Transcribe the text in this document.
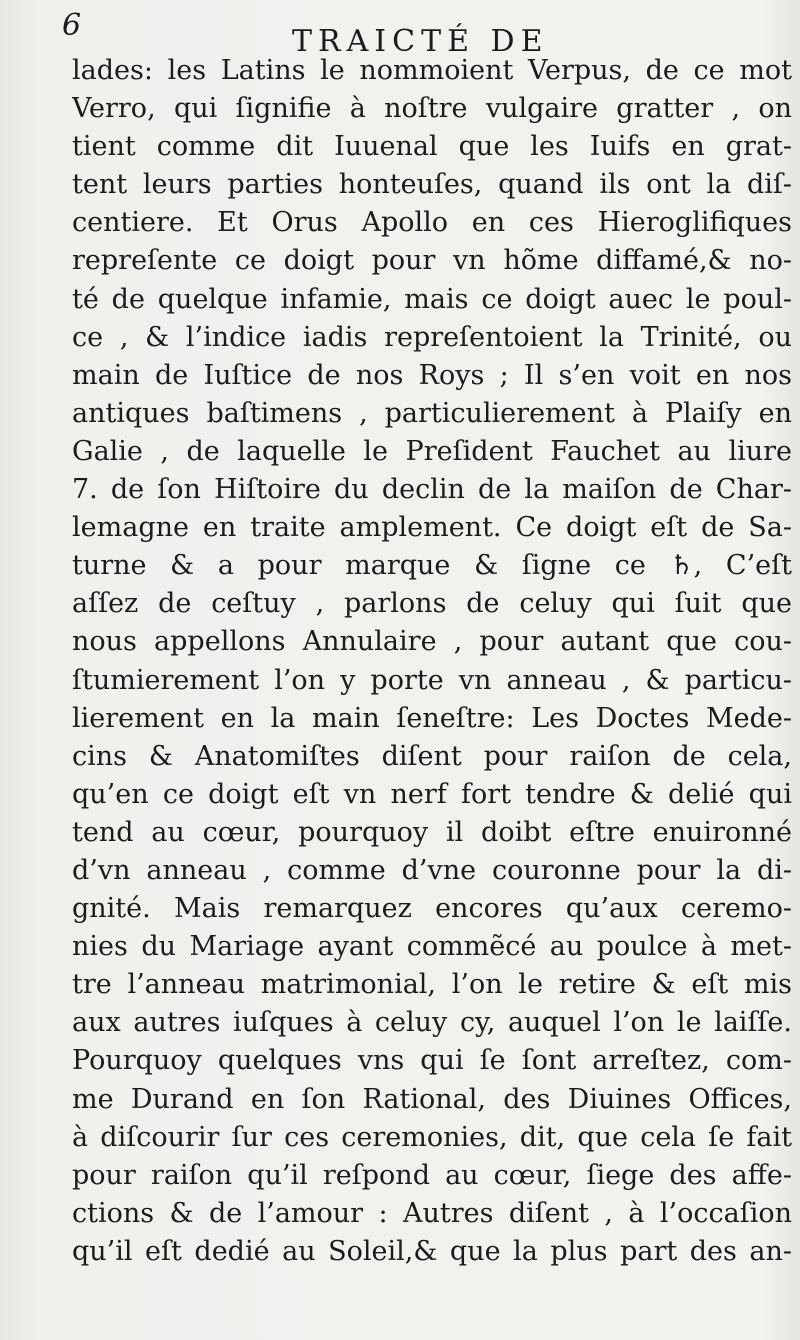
6	TRAICTÉ DE
lades: les Latins le nommoient Verpus, de ce mot
Verro, qui ſignifie à noſtre vulgaire gratter , on
tient comme dit Iuuenal que les Iuifs en grat-
tent leurs parties honteuſes, quand ils ont la diſ-
centiere. Et Orus Apollo en ces Hieroglifiques
repreſente ce doigt pour vn hõme diffamé,& no-
té de quelque infamie, mais ce doigt auec le poul-
ce , & l’indice iadis repreſentoient la Trinité, ou
main de Iuſtice de nos Roys ; Il s’en voit en nos
antiques baſtimens , particulierement à Plaiſy en
Galie , de laquelle le Preſident Fauchet au liure
7. de ſon Hiſtoire du declin de la maiſon de Char-
lemagne en traite amplement. Ce doigt eſt de Sa-
turne & a pour marque & ſigne ce ♄, C’eſt
aſſez de ceſtuy , parlons de celuy qui ſuit que
nous appellons Annulaire , pour autant que cou-
ſtumierement l’on y porte vn anneau , & particu-
lierement en la main ſeneſtre: Les Doctes Mede-
cins & Anatomiſtes diſent pour raiſon de cela,
qu’en ce doigt eſt vn nerf fort tendre & delié qui
tend au cœur, pourquoy il doibt eſtre enuironné
d’vn anneau , comme d’vne couronne pour la di-
gnité. Mais remarquez encores qu’aux ceremo-
nies du Mariage ayant commẽcé au poulce à met-
tre l’anneau matrimonial, l’on le retire & eſt mis
aux autres iuſques à celuy cy, auquel l’on le laiſſe.
Pourquoy quelques vns qui ſe ſont arreſtez, com-
me Durand en ſon Rational, des Diuines Offices,
à diſcourir ſur ces ceremonies, dit, que cela ſe fait
pour raiſon qu’il reſpond au cœur, ſiege des affe-
ctions & de l’amour : Autres diſent , à l’occaſion
qu’il eſt dedié au Soleil,& que la plus part des an-
